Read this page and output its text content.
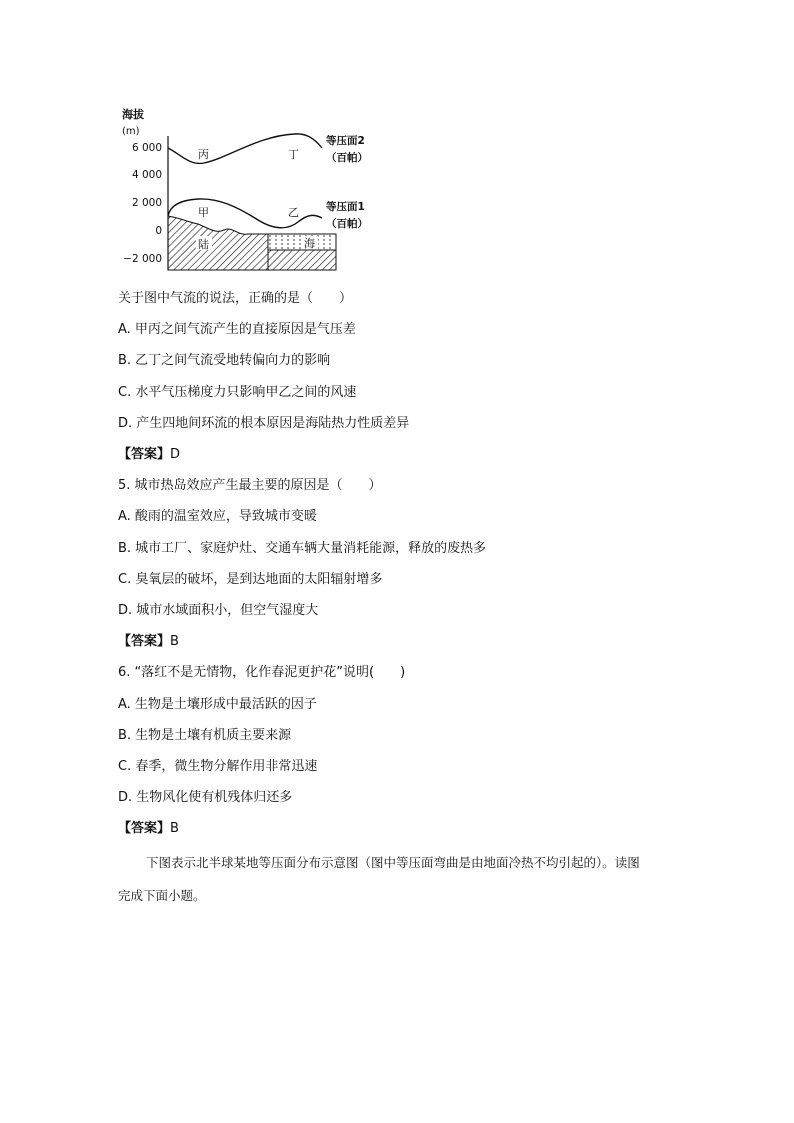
海拔
(m)
6 000
4 000
2 000
0
−2 000
陆	海
丙	丁
甲	乙
等压面2
（百帕）
等压面1
（百帕）
关于图中气流的说法，正确的是（　　）
A. 甲丙之间气流产生的直接原因是气压差
B. 乙丁之间气流受地转偏向力的影响
C. 水平气压梯度力只影响甲乙之间的风速
D. 产生四地间环流的根本原因是海陆热力性质差异
【答案】D
5. 城市热岛效应产生最主要的原因是（　　）
A. 酸雨的温室效应，导致城市变暖
B. 城市工厂、家庭炉灶、交通车辆大量消耗能源，释放的废热多
C. 臭氧层的破坏，是到达地面的太阳辐射增多
D. 城市水域面积小，但空气湿度大
【答案】B
6. “落红不是无情物，化作春泥更护花”说明(　　)
A. 生物是土壤形成中最活跃的因子
B. 生物是土壤有机质主要来源
C. 春季，微生物分解作用非常迅速
D. 生物风化使有机残体归还多
【答案】B
下图表示北半球某地等压面分布示意图（图中等压面弯曲是由地面冷热不均引起的）。读图
完成下面小题。
